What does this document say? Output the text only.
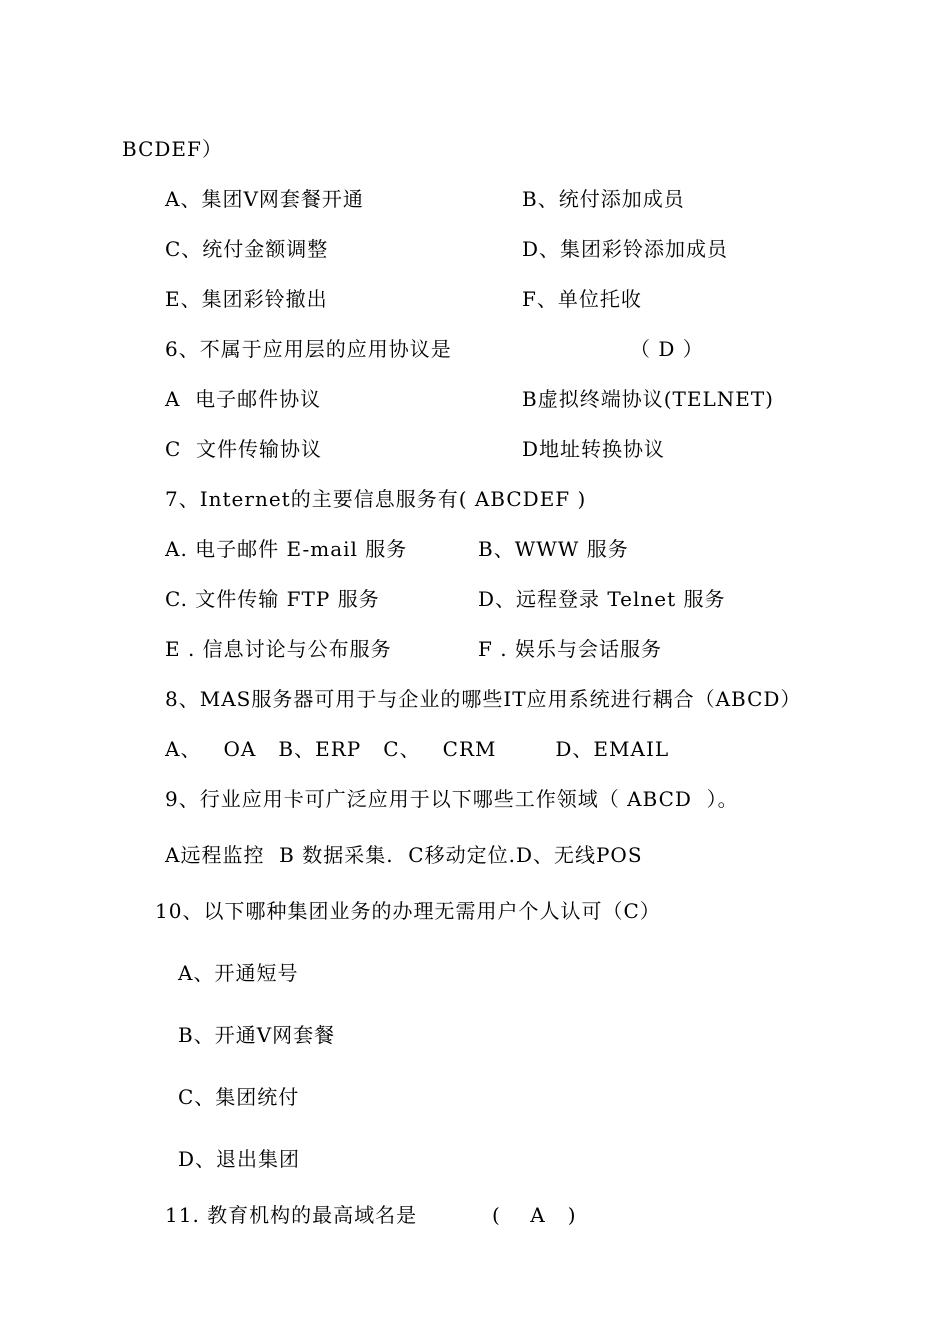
BCDEF）
A、集团V网套餐开通	B、统付添加成员
C、统付金额调整	D、集团彩铃添加成员
E、集团彩铃撤出	F、单位托收
6、不属于应用层的应用协议是	（ D ）
A  电子邮件协议	B虚拟终端协议(TELNET)
C  文件传输协议	D地址转换协议
7、Internet的主要信息服务有( ABCDEF )
A. 电子邮件 E-mail 服务	B、WWW 服务
C. 文件传输 FTP 服务	D、远程登录 Telnet 服务
E . 信息讨论与公布服务	F . 娱乐与会话服务
8、MAS服务器可用于与企业的哪些IT应用系统进行耦合（ABCD）
A、   OA   B、ERP   C、   CRM        D、EMAIL
9、行业应用卡可广泛应用于以下哪些工作领域（ ABCD  ）。
A远程监控  B 数据采集.  C移动定位.D、无线POS
10、以下哪种集团业务的办理无需用户个人认可（C）
A、开通短号
B、开通V网套餐
C、集团统付
D、退出集团
11. 教育机构的最高域名是	(    A   )
